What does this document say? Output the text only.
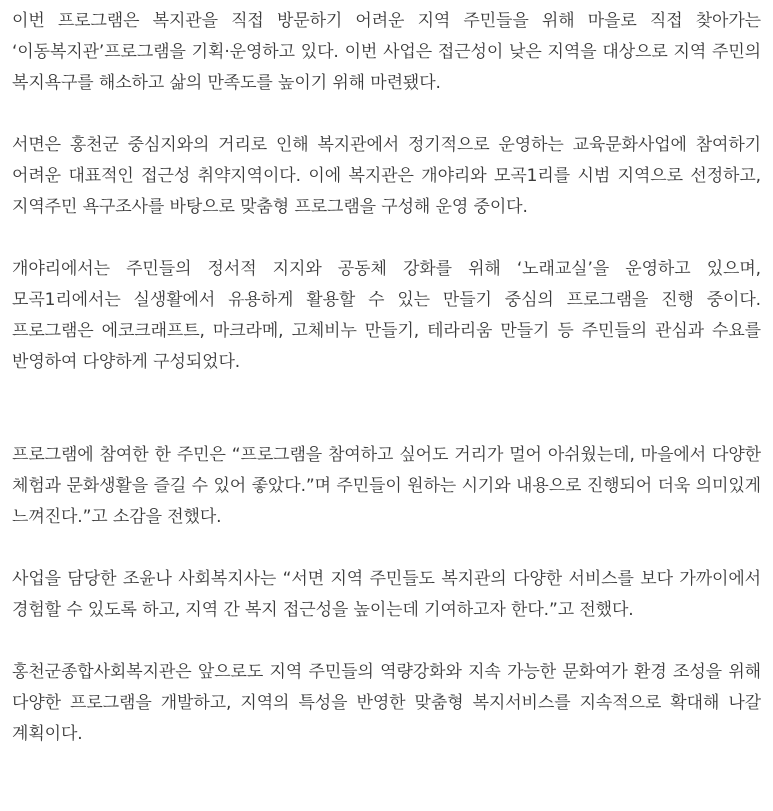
이번 프로그램은 복지관을 직접 방문하기 어려운 지역 주민들을 위해 마을로 직접 찾아가는 ‘이동복지관’프로그램을 기획·운영하고 있다. 이번 사업은 접근성이 낮은 지역을 대상으로 지역 주민의 복지욕구를 해소하고 삶의 만족도를 높이기 위해 마련됐다.

서면은 홍천군 중심지와의 거리로 인해 복지관에서 정기적으로 운영하는 교육문화사업에 참여하기 어려운 대표적인 접근성 취약지역이다. 이에 복지관은 개야리와 모곡1리를 시범 지역으로 선정하고, 지역주민 욕구조사를 바탕으로 맞춤형 프로그램을 구성해 운영 중이다.

개야리에서는 주민들의 정서적 지지와 공동체 강화를 위해 ‘노래교실’을 운영하고 있으며, 모곡1리에서는 실생활에서 유용하게 활용할 수 있는 만들기 중심의 프로그램을 진행 중이다. 프로그램은 에코크래프트, 마크라메, 고체비누 만들기, 테라리움 만들기 등 주민들의 관심과 수요를 반영하여 다양하게 구성되었다.

프로그램에 참여한 한 주민은 “프로그램을 참여하고 싶어도 거리가 멀어 아쉬웠는데, 마을에서 다양한 체험과 문화생활을 즐길 수 있어 좋았다.”며 주민들이 원하는 시기와 내용으로 진행되어 더욱 의미있게 느껴진다.”고 소감을 전했다.

사업을 담당한 조윤나 사회복지사는 “서면 지역 주민들도 복지관의 다양한 서비스를 보다 가까이에서 경험할 수 있도록 하고, 지역 간 복지 접근성을 높이는데 기여하고자 한다.”고 전했다.

홍천군종합사회복지관은 앞으로도 지역 주민들의 역량강화와 지속 가능한 문화여가 환경 조성을 위해 다양한 프로그램을 개발하고, 지역의 특성을 반영한 맞춤형 복지서비스를 지속적으로 확대해 나갈 계획이다.
